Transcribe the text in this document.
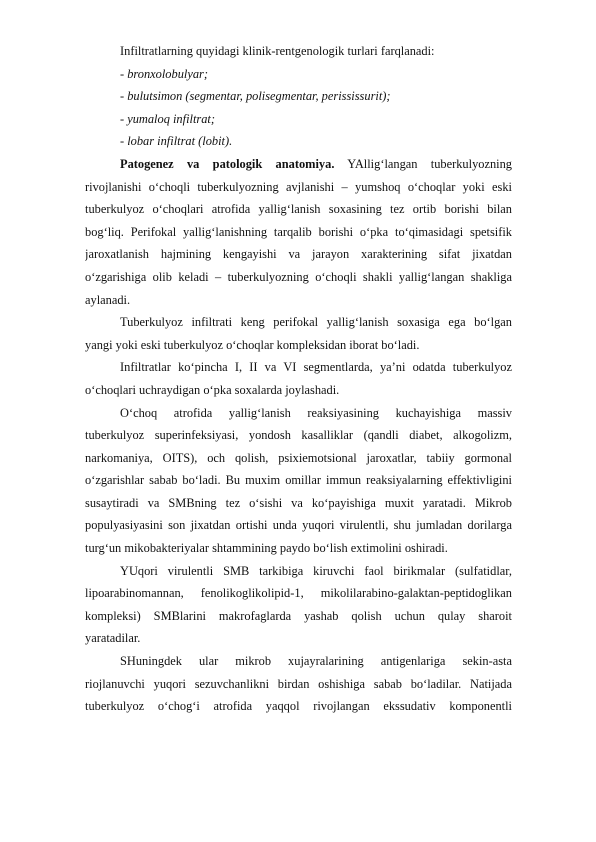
Infiltratlarning quyidagi klinik-rentgenologik turlari farqlanadi:
- bronxolobulyar;
- bulutsimon (segmentar, polisegmentar, perississurit);
- yumaloq infiltrat;
- lobar infiltrat (lobit).
Patogenez va patologik anatomiya. YAllig‘langan tuberkulyozning
rivojlanishi o‘choqli tuberkulyozning avjlanishi – yumshoq o‘choqlar yoki eski
tuberkulyoz o‘choqlari atrofida yallig‘lanish soxasining tez ortib borishi bilan
bog‘liq. Perifokal yallig‘lanishning tarqalib borishi o‘pka to‘qimasidagi spetsifik
jaroxatlanish hajmining kengayishi va jarayon xarakterining sifat jixatdan
o‘zgarishiga olib keladi – tuberkulyozning o‘choqli shakli yallig‘langan shakliga
aylanadi.
Tuberkulyoz infiltrati keng perifokal yallig‘lanish soxasiga ega bo‘lgan
yangi yoki eski tuberkulyoz o‘choqlar kompleksidan iborat bo‘ladi.
Infiltratlar ko‘pincha I, II va VI segmentlarda, ya’ni odatda tuberkulyoz
o‘choqlari uchraydigan o‘pka soxalarda joylashadi.
O‘choq atrofida yallig‘lanish reaksiyasining kuchayishiga massiv
tuberkulyoz superinfeksiyasi, yondosh kasalliklar (qandli diabet, alkogolizm,
narkomaniya, OITS), och qolish, psixiemotsional jaroxatlar, tabiiy gormonal
o‘zgarishlar sabab bo‘ladi. Bu muxim omillar immun reaksiyalarning effektivligini
susaytiradi va SMBning tez o‘sishi va ko‘payishiga muxit yaratadi. Mikrob
populyasiyasini son jixatdan ortishi unda yuqori virulentli, shu jumladan dorilarga
turg‘un mikobakteriyalar shtammining paydo bo‘lish extimolini oshiradi.
YUqori virulentli SMB tarkibiga kiruvchi faol birikmalar (sulfatidlar,
lipoarabinomannan, fenolikoglikolipid-1, mikolilarabino-galaktan-peptidoglikan
kompleksi) SMBlarini makrofaglarda yashab qolish uchun qulay sharoit
yaratadilar.
SHuningdek ular mikrob xujayralarining antigenlariga sekin-asta
riojlanuvchi yuqori sezuvchanlikni birdan oshishiga sabab bo‘ladilar. Natijada
tuberkulyoz o‘chog‘i atrofida yaqqol rivojlangan ekssudativ komponentli
